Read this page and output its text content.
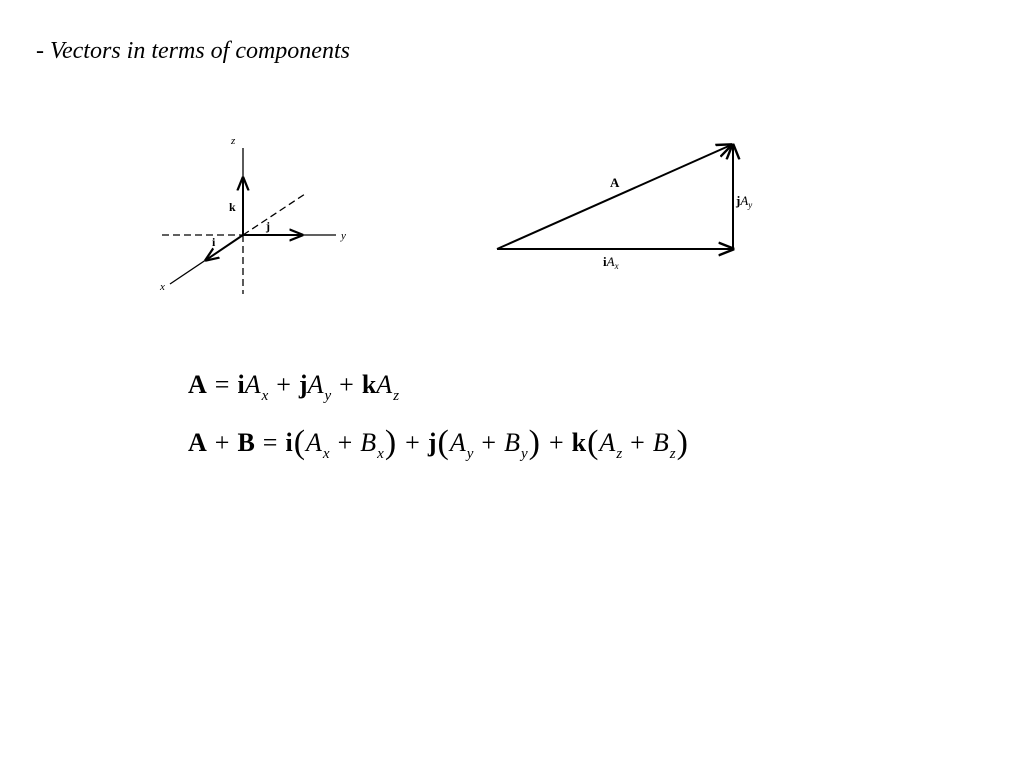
- Vectors in terms of components
z
y
x
k
j
i
A
$iA_x$
$jA_y$
$A = iA_x + jA_y + kA_z$
$A + B = i(A_x + B_x) + j(A_y + B_y) + k(A_z + B_z)$
